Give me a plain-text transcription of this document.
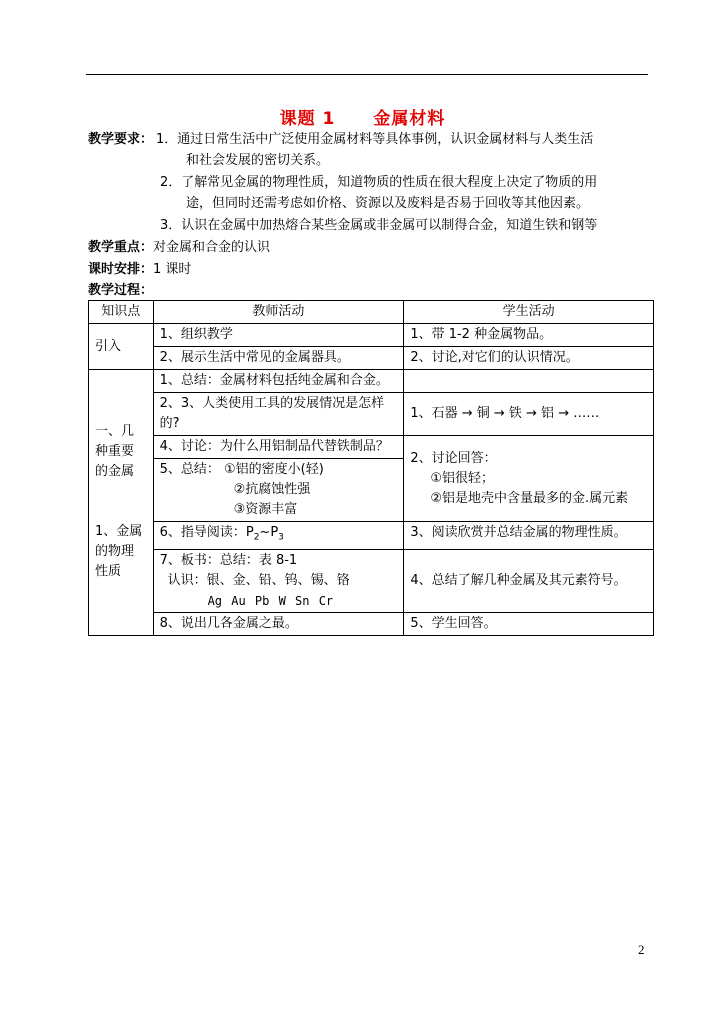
课题 1 金属材料
教学要求： 1．通过日常生活中广泛使用金属材料等具体事例，认识金属材料与人类生活
和社会发展的密切关系。
2．了解常见金属的物理性质，知道物质的性质在很大程度上决定了物质的用
途，但同时还需考虑如价格、资源以及废料是否易于回收等其他因素。
3．认识在金属中加热熔合某些金属或非金属可以制得合金，知道生铁和钢等
教学重点：对金属和合金的认识
课时安排：1 课时
教学过程：
知识点	教师活动	学生活动
引入	1、组织教学	1、带 1-2 种金属物品。
	2、展示生活中常见的金属器具。	2、讨论,对它们的认识情况。

一、几种重要的金属
1、金属的物理性质	1、总结：金属材料包括纯金属和合金。	
	2、3、人类使用工具的发展情况是怎样的?	1、石器 → 铜 → 铁 → 铝 → ……
	4、讨论：为什么用铝制品代替铁制品？	2、讨论回答：
①铝很轻；
②铝是地壳中含量最多的金.属元素

	5、总结： ①铝的密度小(轻)
②抗腐蚀性强
③资源丰富	

	6、指导阅读：$P_2\sim P_3$	3、阅读欣赏并总结金属的物理性质。
	7、板书：总结：表 8-1
认识：银、金、铅、钨、锡、铬
Ag Au Pb W Sn Cr	4、总结了解几种金属及其元素符号。
	8、说出几各金属之最。	5、学生回答。
2
